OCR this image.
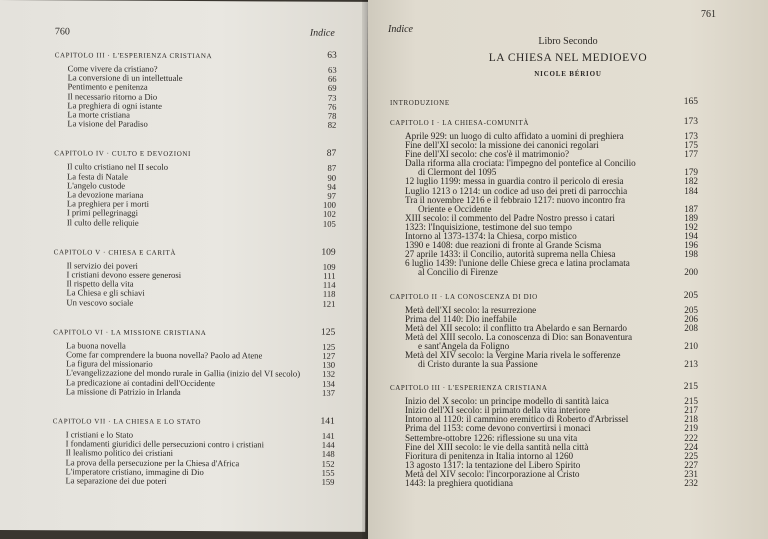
760	Indice
CAPITOLO III · L'ESPERIENZA CRISTIANA	63
Come vivere da cristiano?	63
La conversione di un intellettuale	66
Pentimento e penitenza	69
Il necessario ritorno a Dio	73
La preghiera di ogni istante	76
La morte cristiana	78
La visione del Paradiso	82
CAPITOLO IV · CULTO E DEVOZIONI	87
Il culto cristiano nel II secolo	87
La festa di Natale	90
L'angelo custode	94
La devozione mariana	97
La preghiera per i morti	100
I primi pellegrinaggi	102
Il culto delle reliquie	105
CAPITOLO V · CHIESA E CARITÀ	109
Il servizio dei poveri	109
I cristiani devono essere generosi	111
Il rispetto della vita	114
La Chiesa e gli schiavi	118
Un vescovo sociale	121
CAPITOLO VI · LA MISSIONE CRISTIANA	125
La buona novella	125
Come far comprendere la buona novella? Paolo ad Atene	127
La figura del missionario	130
L'evangelizzazione del mondo rurale in Gallia (inizio del VI secolo)	132
La predicazione ai contadini dell'Occidente	134
La missione di Patrizio in Irlanda	137
CAPITOLO VII · LA CHIESA E LO STATO	141
I cristiani e lo Stato	141
I fondamenti giuridici delle persecuzioni contro i cristiani	144
Il lealismo politico dei cristiani	148
La prova della persecuzione per la Chiesa d'Africa	152
L'imperatore cristiano, immagine di Dio	155
La separazione dei due poteri	159
761
Indice
Libro Secondo
LA CHIESA NEL MEDIOEVO
NICOLE BÉRIOU
INTRODUZIONE	165
CAPITOLO I · LA CHIESA-COMUNITÀ	173
Aprile 929: un luogo di culto affidato a uomini di preghiera	173
Fine dell'XI secolo: la missione dei canonici regolari	175
Fine dell'XI secolo: che cos'è il matrimonio?	177
Dalla riforma alla crociata: l'impegno del pontefice al Concilio

di Clermont del 1095	179
12 luglio 1199: messa in guardia contro il pericolo di eresia	182
Luglio 1213 o 1214: un codice ad uso dei preti di parrocchia	184
Tra il novembre 1216 e il febbraio 1217: nuovo incontro fra

Oriente e Occidente	187
XIII secolo: il commento del Padre Nostro presso i catari	189
1323: l'Inquisizione, testimone del suo tempo	192
Intorno al 1373-1374: la Chiesa, corpo mistico	194
1390 e 1408: due reazioni di fronte al Grande Scisma	196
27 aprile 1433: il Concilio, autorità suprema nella Chiesa	198
6 luglio 1439: l'unione delle Chiese greca e latina proclamata

al Concilio di Firenze	200
CAPITOLO II · LA CONOSCENZA DI DIO	205
Metà dell'XI secolo: la resurrezione	205
Prima del 1140: Dio ineffabile	206
Metà del XII secolo: il conflitto tra Abelardo e san Bernardo	208
Metà del XIII secolo. La conoscenza di Dio: san Bonaventura

e sant'Angela da Foligno	210
Metà del XIV secolo: la Vergine Maria rivela le sofferenze

di Cristo durante la sua Passione	213
CAPITOLO III · L'ESPERIENZA CRISTIANA	215
Inizio del X secolo: un principe modello di santità laica	215
Inizio dell'XI secolo: il primato della vita interiore	217
Intorno al 1120: il cammino eremitico di Roberto d'Arbrissel	218
Prima del 1153: come devono convertirsi i monaci	219
Settembre-ottobre 1226: riflessione su una vita	222
Fine del XIII secolo: le vie della santità nella città	224
Fioritura di penitenza in Italia intorno al 1260	225
13 agosto 1317: la tentazione del Libero Spirito	227
Metà del XIV secolo: l'incorporazione al Cristo	231
1443: la preghiera quotidiana	232
